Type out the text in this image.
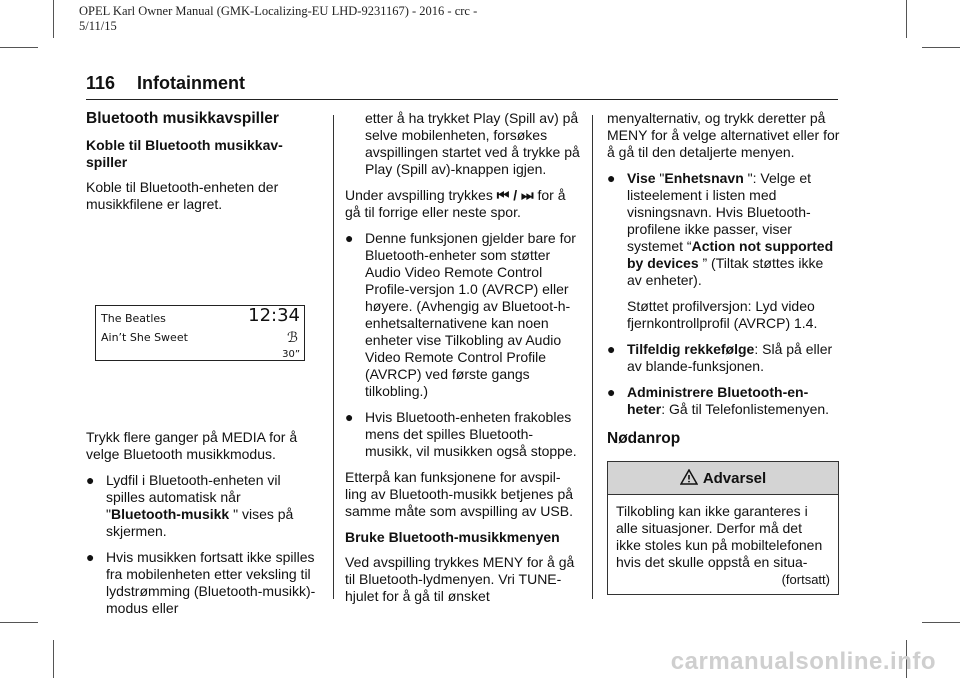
OPEL Karl Owner Manual (GMK-Localizing-EU LHD-9231167) - 2016 - crc -
5/11/15
116 Infotainment
Bluetooth musikkavspiller
Koble til Bluetooth musikkav-
spiller

Koble til Bluetooth-enheten der musikkfilene er lagret.

The Beatles
Ain’t She Sweet
12:34
ℬ
30”

Trykk flere ganger på MEDIA for å velge Bluetooth musikkmodus.

● Lydfil i Bluetooth-enheten vil spilles automatisk når "Bluetooth-musikk " vises på skjermen.
● Hvis musikken fortsatt ikke spilles fra mobilenheten etter veksling til lydstrømming (Bluetooth-musikk)-modus eller

etter å ha trykket Play (Spill av) på selve mobilenheten, forsøkes avspillingen startet ved å trykke på Play (Spill av)-knappen igjen.

Under avspilling trykkes ⏮ / ⏭ for å gå til forrige eller neste spor.

● Denne funksjonen gjelder bare for Bluetooth-enheter som støtter Audio Video Remote Control Profile-versjon 1.0 (AVRCP) eller høyere. (Avhengig av Bluetoot-h-enhetsalternativene kan noen enheter vise Tilkobling av Audio Video Remote Control Profile (AVRCP) ved første gangs tilkobling.)
● Hvis Bluetooth-enheten frakobles mens det spilles Bluetooth-musikk, vil musikken også stoppe.

Etterpå kan funksjonene for avspil-ling av Bluetooth-musikk betjenes på samme måte som avspilling av USB.

Bruke Bluetooth-musikkmenyen

Ved avspilling trykkes MENY for å gå til Bluetooth-lydmenyen. Vri TUNE-hjulet for å gå til ønsket

menyalternativ, og trykk deretter på MENY for å velge alternativet eller for å gå til den detaljerte menyen.

● Vise "Enhetsnavn ": Velge et listeelement i listen med visningsnavn. Hvis Bluetooth-profilene ikke passer, viser systemet “Action not supported by devices ” (Tiltak støttes ikke av enheter).

Støttet profilversjon: Lyd video fjernkontrollprofil (AVRCP) 1.4.

● Tilfeldig rekkefølge: Slå på eller av blande-funksjonen.
● Administrere Bluetooth-en-heter: Gå til Telefonlistemenyen.
Nødanrop
Advarsel
Tilkobling kan ikke garanteres i alle situasjoner. Derfor må det ikke stoles kun på mobiltelefonen hvis det skulle oppstå en situa-
(fortsatt)
carmanualsonline.info
